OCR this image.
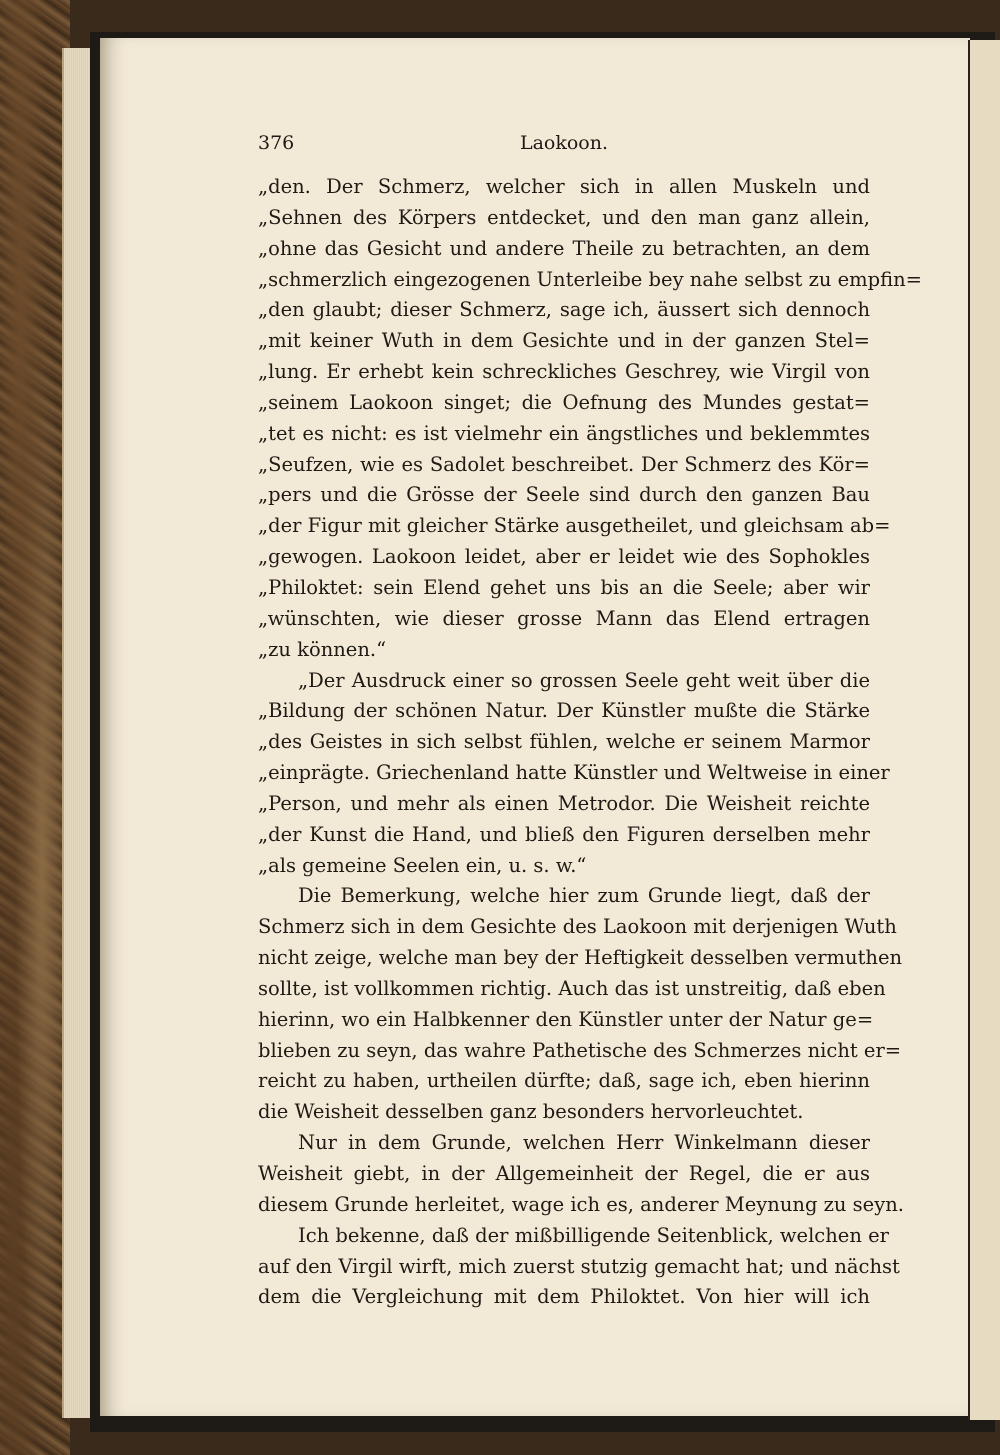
376	Laokoon.
„den. Der Schmerz, welcher sich in allen Muskeln und
„Sehnen des Körpers entdecket, und den man ganz allein,
„ohne das Gesicht und andere Theile zu betrachten, an dem
„schmerzlich eingezogenen Unterleibe bey nahe selbst zu empfin=
„den glaubt; dieser Schmerz, sage ich, äussert sich dennoch
„mit keiner Wuth in dem Gesichte und in der ganzen Stel=
„lung. Er erhebt kein schreckliches Geschrey, wie Virgil von
„seinem Laokoon singet; die Oefnung des Mundes gestat=
„tet es nicht: es ist vielmehr ein ängstliches und beklemmtes
„Seufzen, wie es Sadolet beschreibet. Der Schmerz des Kör=
„pers und die Grösse der Seele sind durch den ganzen Bau
„der Figur mit gleicher Stärke ausgetheilet, und gleichsam ab=
„gewogen. Laokoon leidet, aber er leidet wie des Sophokles
„Philoktet: sein Elend gehet uns bis an die Seele; aber wir
„wünschten, wie dieser grosse Mann das Elend ertragen
„zu können.“
„Der Ausdruck einer so grossen Seele geht weit über die
„Bildung der schönen Natur. Der Künstler mußte die Stärke
„des Geistes in sich selbst fühlen, welche er seinem Marmor
„einprägte. Griechenland hatte Künstler und Weltweise in einer
„Person, und mehr als einen Metrodor. Die Weisheit reichte
„der Kunst die Hand, und bließ den Figuren derselben mehr
„als gemeine Seelen ein, u. s. w.“
Die Bemerkung, welche hier zum Grunde liegt, daß der
Schmerz sich in dem Gesichte des Laokoon mit derjenigen Wuth
nicht zeige, welche man bey der Heftigkeit desselben vermuthen
sollte, ist vollkommen richtig. Auch das ist unstreitig, daß eben
hierinn, wo ein Halbkenner den Künstler unter der Natur ge=
blieben zu seyn, das wahre Pathetische des Schmerzes nicht er=
reicht zu haben, urtheilen dürfte; daß, sage ich, eben hierinn
die Weisheit desselben ganz besonders hervorleuchtet.
Nur in dem Grunde, welchen Herr Winkelmann dieser
Weisheit giebt, in der Allgemeinheit der Regel, die er aus
diesem Grunde herleitet, wage ich es, anderer Meynung zu seyn.
Ich bekenne, daß der mißbilligende Seitenblick, welchen er
auf den Virgil wirft, mich zuerst stutzig gemacht hat; und nächst
dem die Vergleichung mit dem Philoktet. Von hier will ich
